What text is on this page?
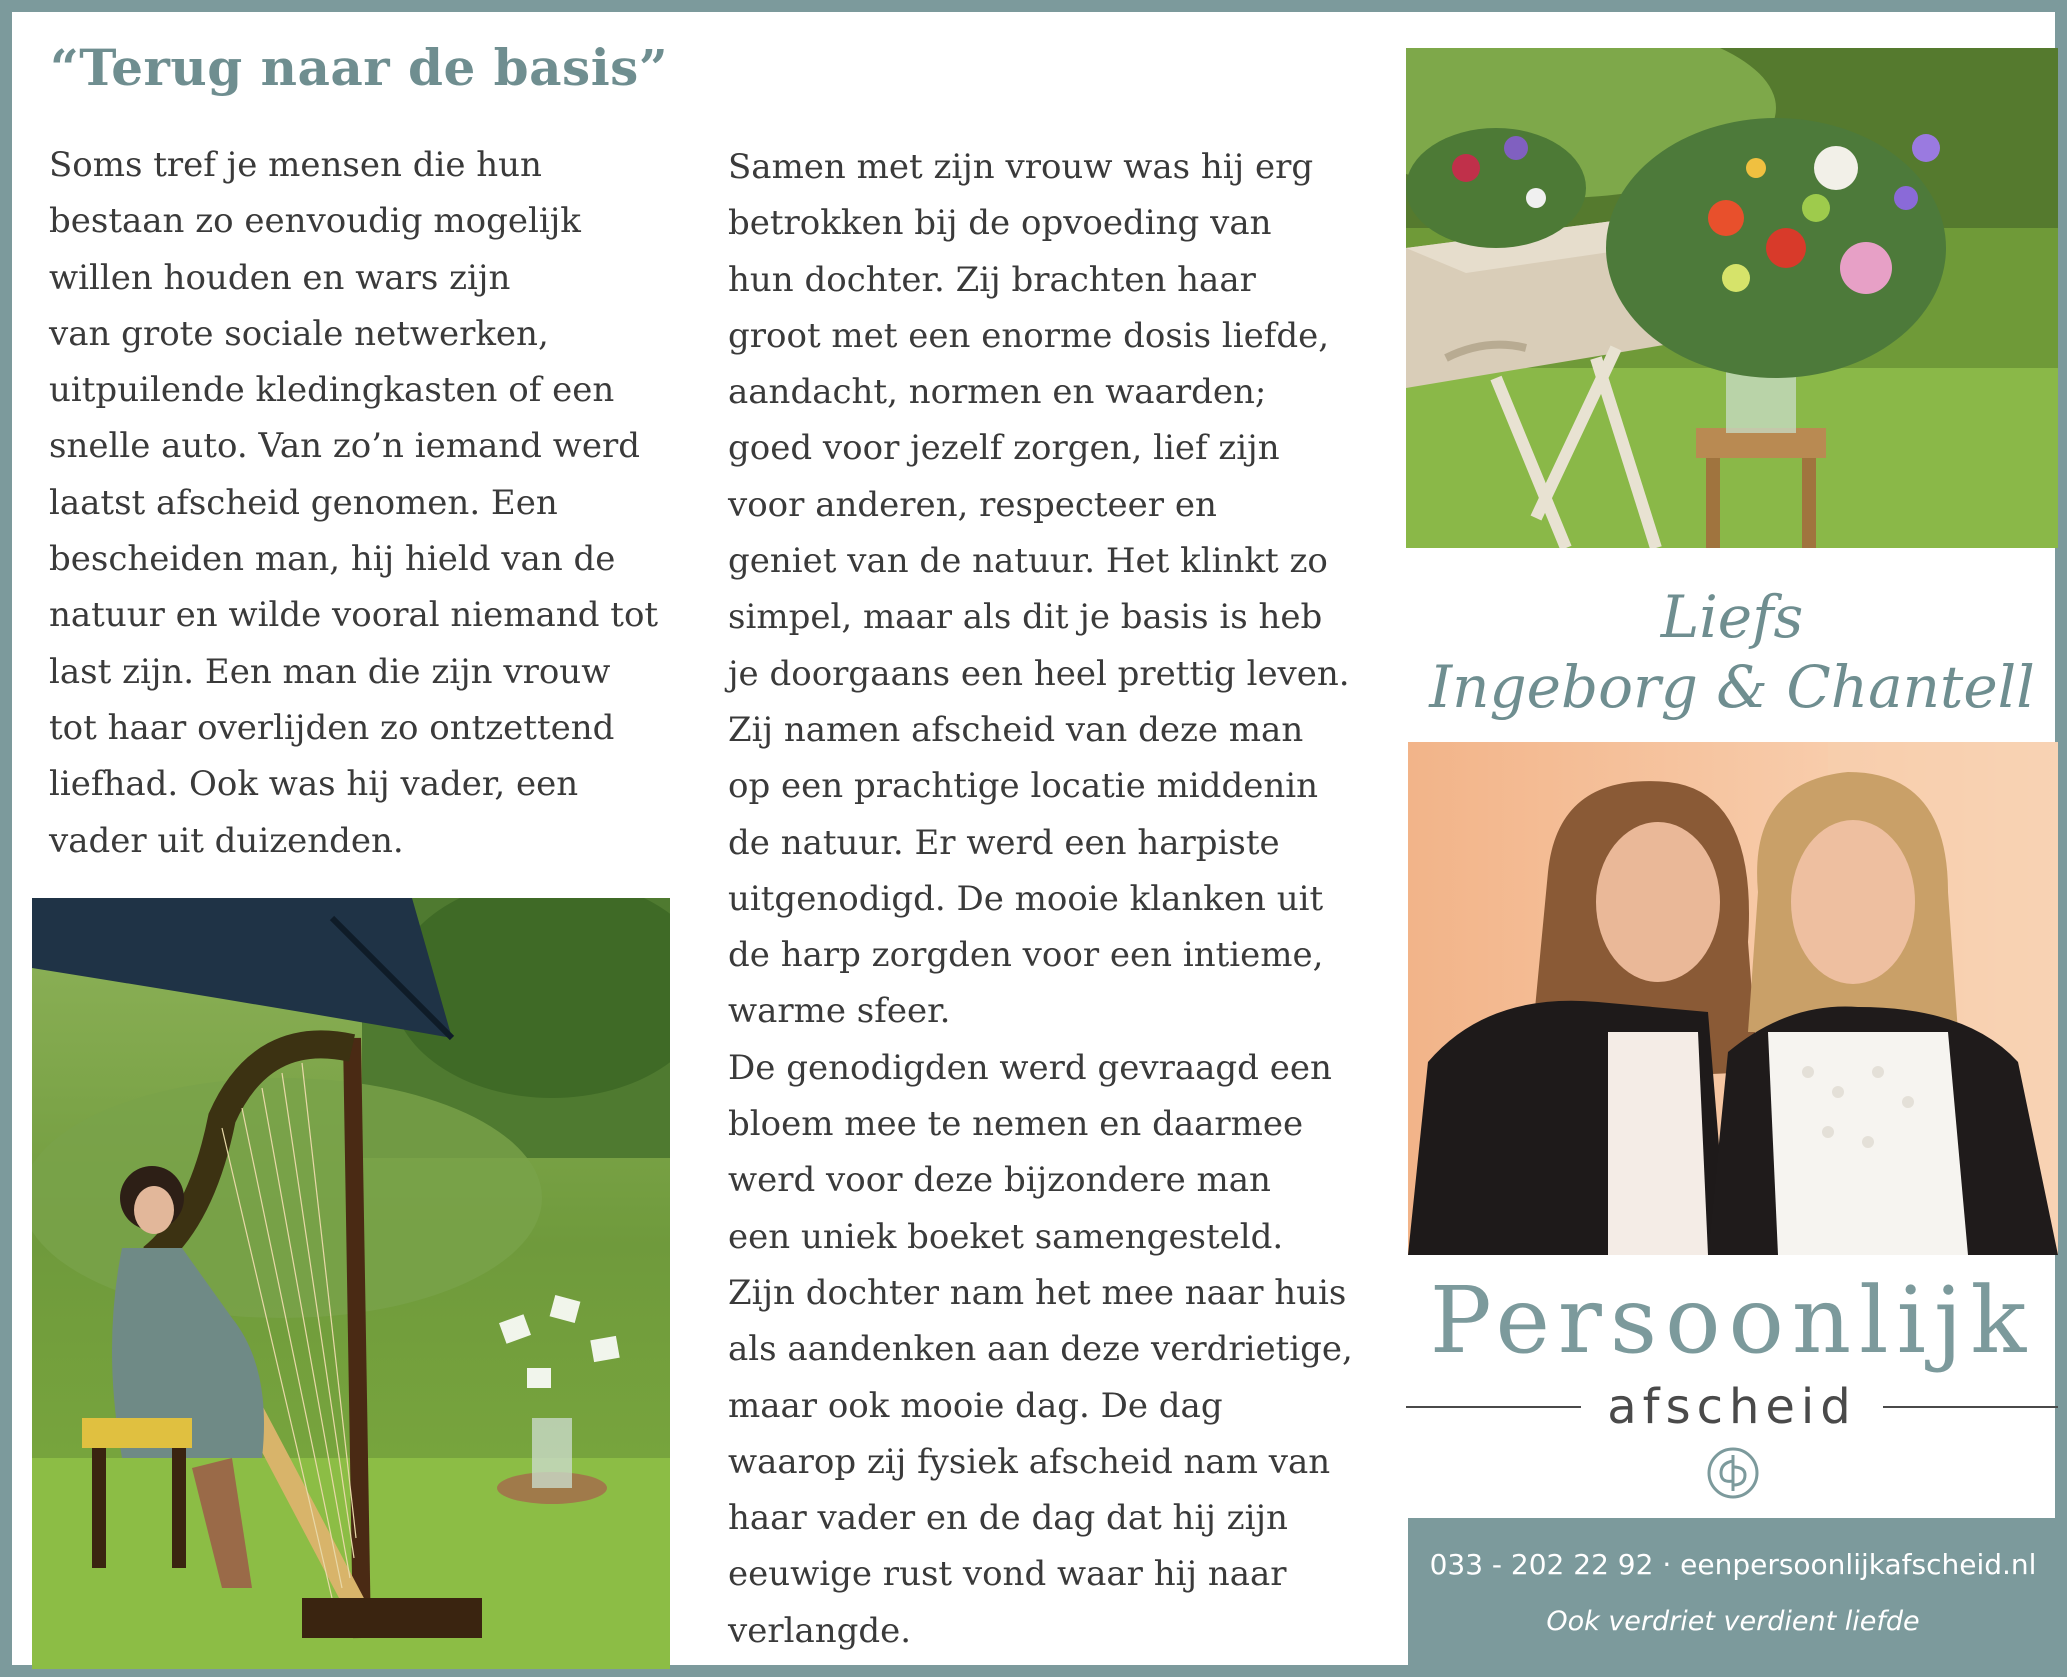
“Terug naar de basis”

Soms tref je mensen die hun

bestaan zo eenvoudig mogelijk

willen houden en wars zijn

van grote sociale netwerken,

uitpuilende kledingkasten of een

snelle auto. Van zo’n iemand werd

laatst afscheid genomen. Een

bescheiden man, hij hield van de

natuur en wilde vooral niemand tot

last zijn. Een man die zijn vrouw

tot haar overlijden zo ontzettend

liefhad. Ook was hij vader, een

vader uit duizenden.

Samen met zijn vrouw was hij erg

betrokken bij de opvoeding van

hun dochter. Zij brachten haar

groot met een enorme dosis liefde,

aandacht, normen en waarden;

goed voor jezelf zorgen, lief zijn

voor anderen, respecteer en

geniet van de natuur. Het klinkt zo

simpel, maar als dit je basis is heb

je doorgaans een heel prettig leven.

Zij namen afscheid van deze man

op een prachtige locatie middenin

de natuur. Er werd een harpiste

uitgenodigd. De mooie klanken uit

de harp zorgden voor een intieme,

warme sfeer.

De genodigden werd gevraagd een

bloem mee te nemen en daarmee

werd voor deze bijzondere man

een uniek boeket samengesteld.

Zijn dochter nam het mee naar huis

als aandenken aan deze verdrietige,

maar ook mooie dag. De dag

waarop zij fysiek afscheid nam van

haar vader en de dag dat hij zijn

eeuwige rust vond waar hij naar

verlangde.

Liefs
Ingeborg & Chantell
Persoonlijk
afscheid
033 - 202 22 92 · eenpersoonlijkafscheid.nl
Ook verdriet verdient liefde
